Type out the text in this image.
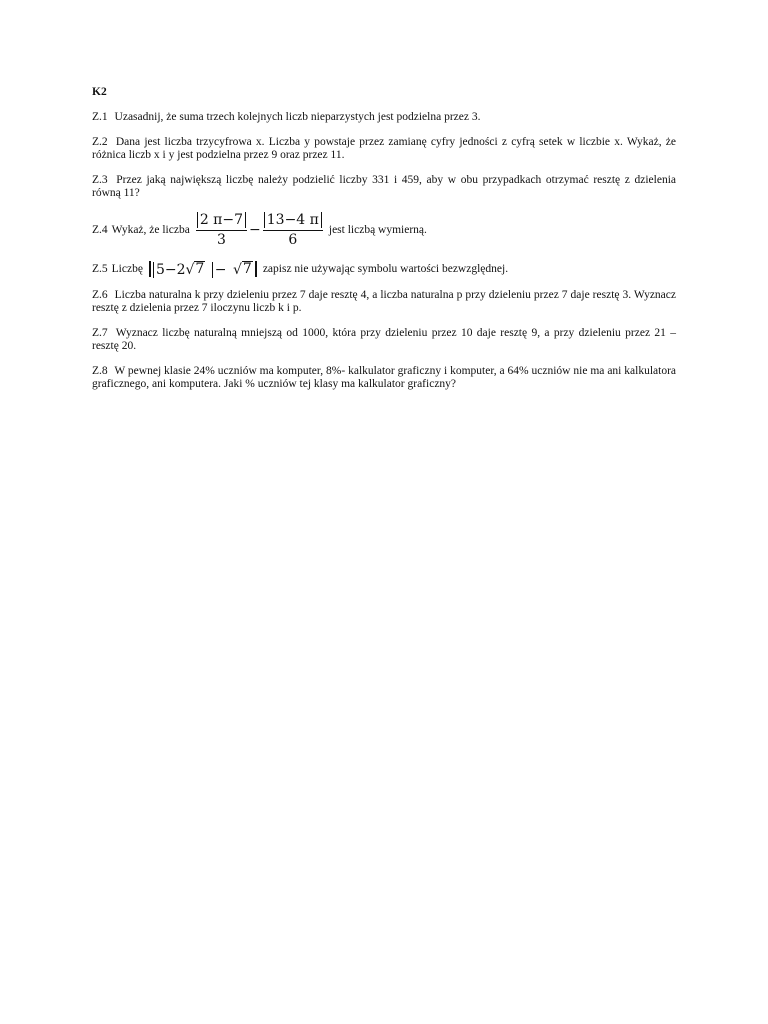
K2
Z.1 Uzasadnij, że suma trzech kolejnych liczb nieparzystych jest podzielna przez 3.
Z.2 Dana jest liczba trzycyfrowa x. Liczba y powstaje przez zamianę cyfry jedności z cyfrą setek w liczbie x. Wykaż, że różnica liczb x i y jest podzielna przez 9 oraz przez 11.
Z.3 Przez jaką największą liczbę należy podzielić liczby 331 i 459, aby w obu przypadkach otrzymać resztę z dzielenia równą 11?
Z.4 Wykaż, że liczba $\frac{2 \pi-7}{3} - \frac{13-4 \pi}{6}$ jest liczbą wymierną.
Z.5 Liczbę 5−2 √ 7 − √ 7 zapisz nie używając symbolu wartości bezwzględnej.
Z.6 Liczba naturalna k przy dzieleniu przez 7 daje resztę 4, a liczba naturalna p przy dzieleniu przez 7 daje resztę 3. Wyznacz resztę z dzielenia przez 7 iloczynu liczb k i p.
Z.7 Wyznacz liczbę naturalną mniejszą od 1000, która przy dzieleniu przez 10 daje resztę 9, a przy dzieleniu przez 21 – resztę 20.
Z.8 W pewnej klasie 24% uczniów ma komputer, 8%- kalkulator graficzny i komputer, a 64% uczniów nie ma ani kalkulatora graficznego, ani komputera. Jaki % uczniów tej klasy ma kalkulator graficzny?
